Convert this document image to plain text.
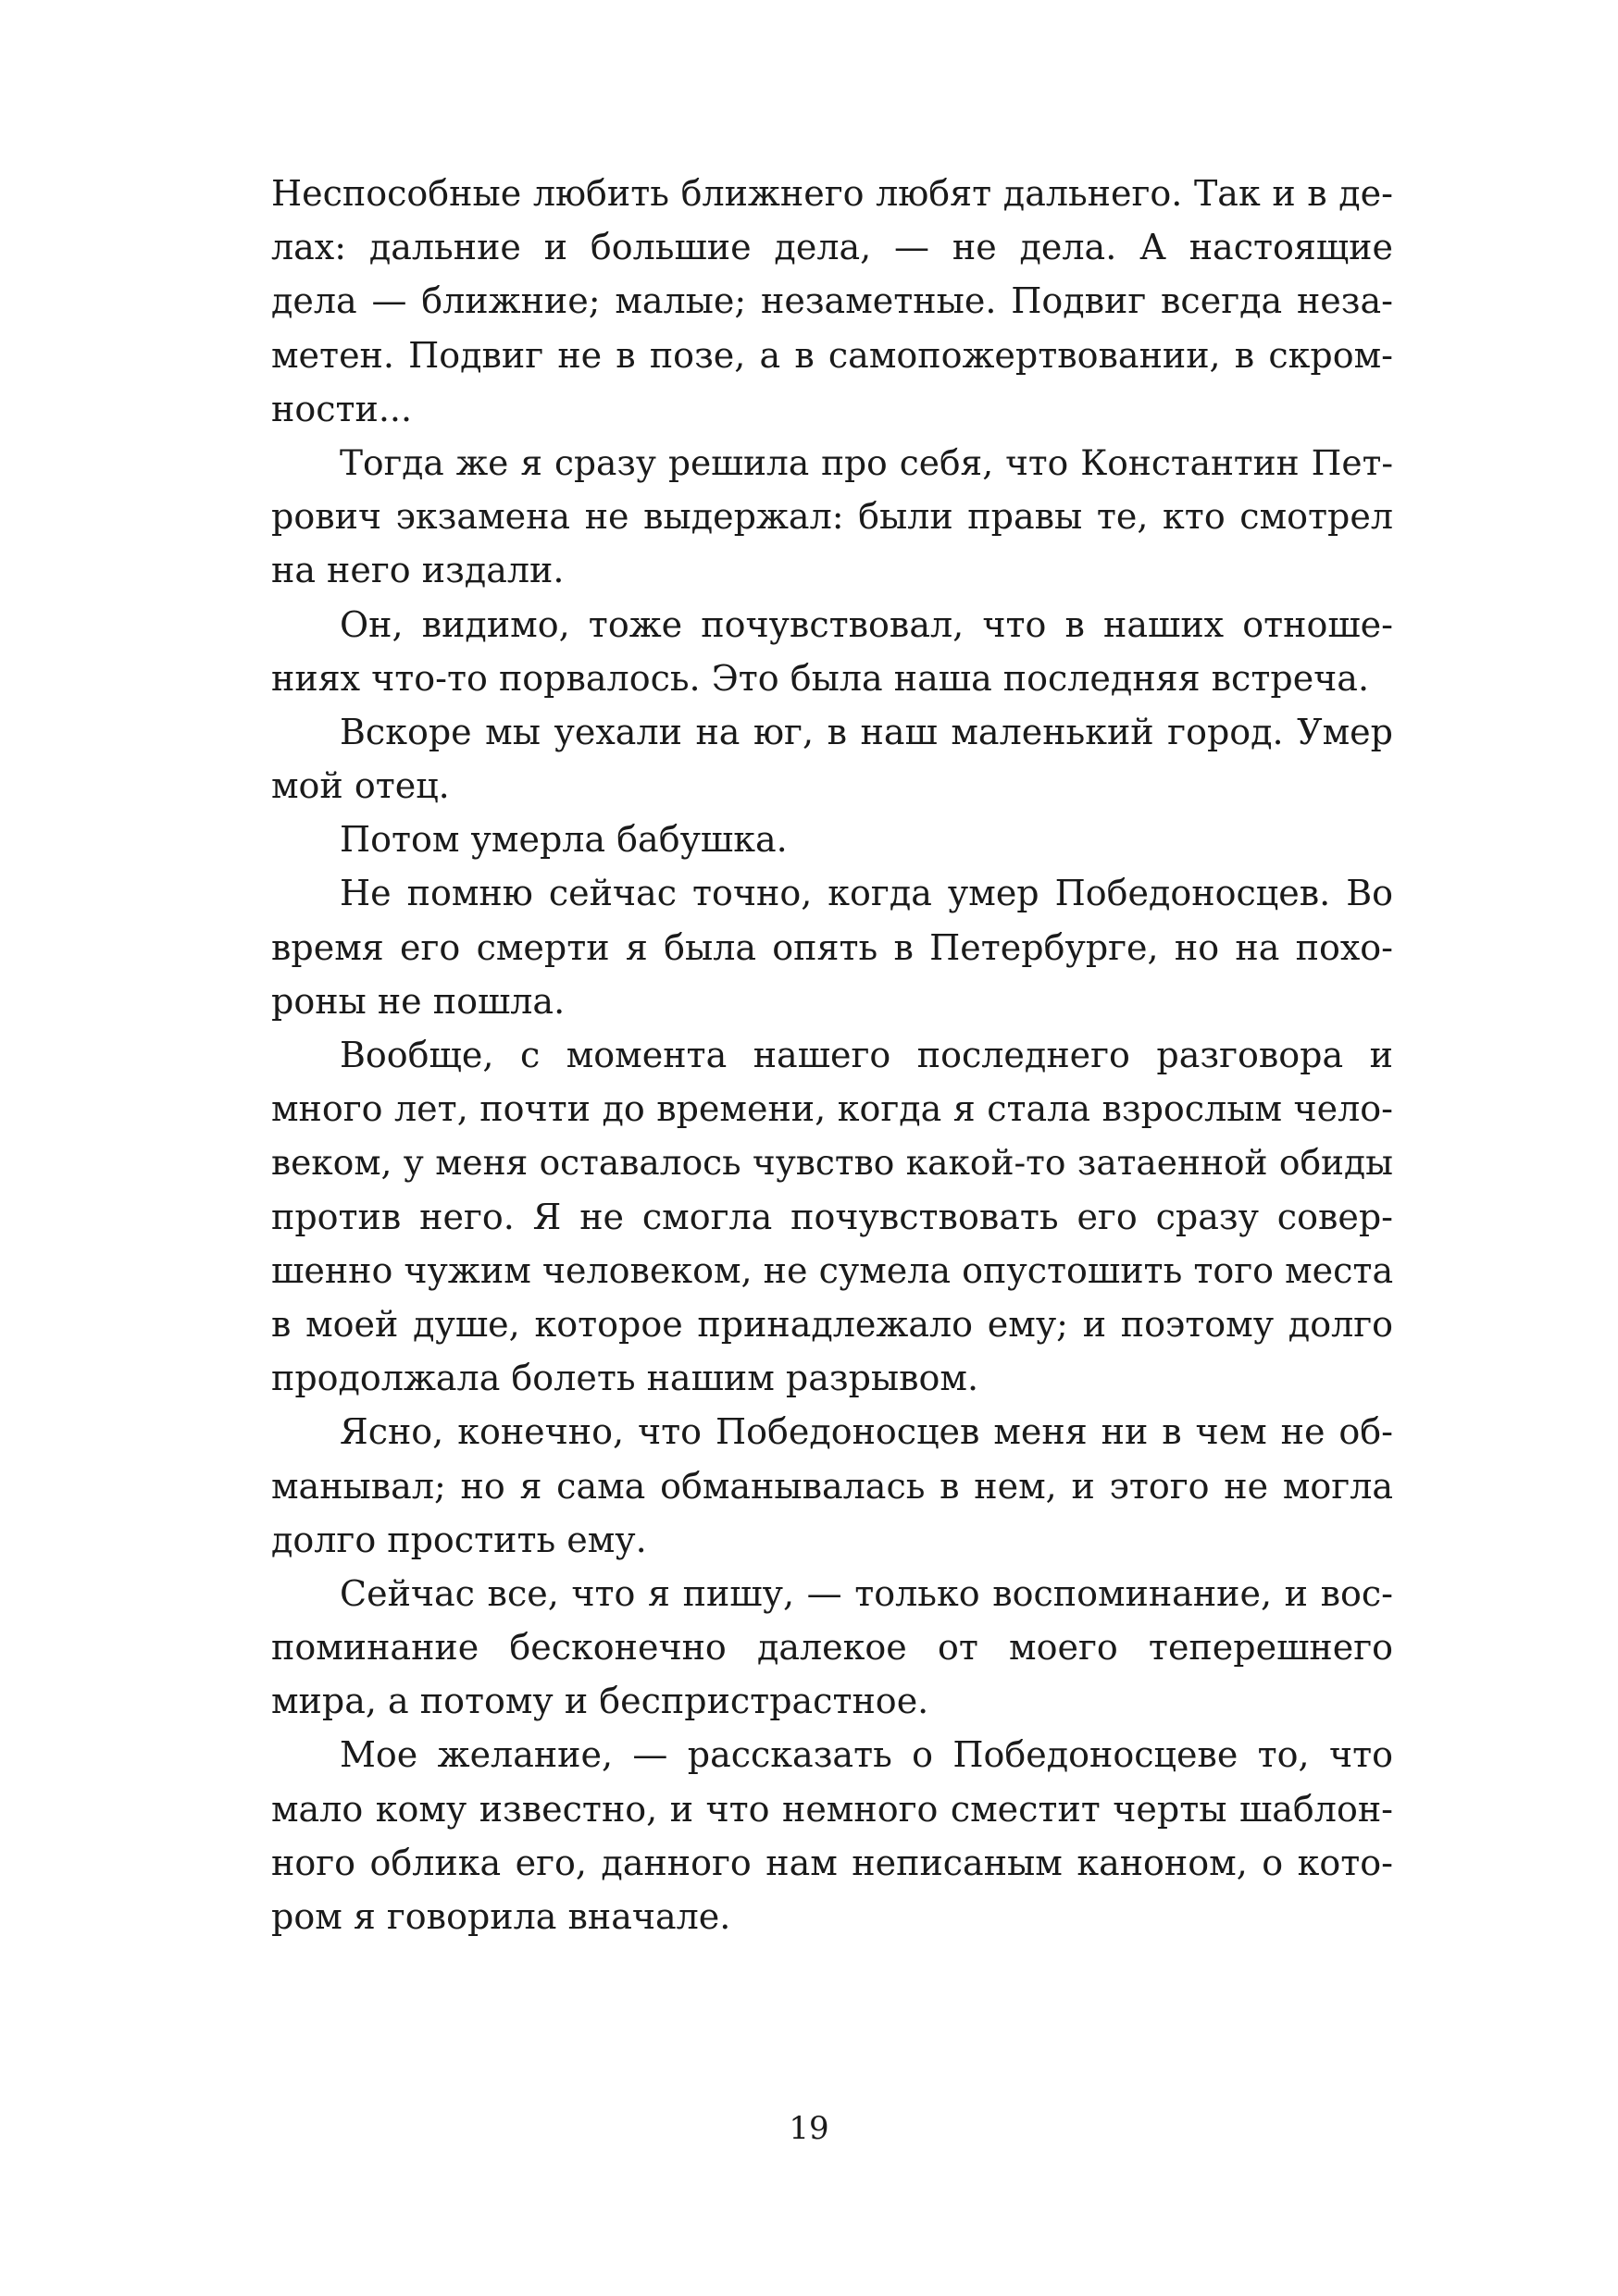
Неспособные любить ближнего любят дальнего. Так и в де-
лах: дальние и большие дела, — не дела. А настоящие
дела — ближние; малые; незаметные. Подвиг всегда неза-
метен. Подвиг не в позе, а в самопожертвовании, в скром-
ности...
Тогда же я сразу решила про себя, что Константин Пет-
рович экзамена не выдержал: были правы те, кто смотрел
на него издали.
Он, видимо, тоже почувствовал, что в наших отноше-
ниях что-то порвалось. Это была наша последняя встреча.
Вскоре мы уехали на юг, в наш маленький город. Умер
мой отец.
Потом умерла бабушка.
Не помню сейчас точно, когда умер Победоносцев. Во
время его смерти я была опять в Петербурге, но на похо-
роны не пошла.
Вообще, с момента нашего последнего разговора и
много лет, почти до времени, когда я стала взрослым чело-
веком, у меня оставалось чувство какой-то затаенной обиды
против него. Я не смогла почувствовать его сразу совер-
шенно чужим человеком, не сумела опустошить того места
в моей душе, которое принадлежало ему; и поэтому долго
продолжала болеть нашим разрывом.
Ясно, конечно, что Победоносцев меня ни в чем не об-
манывал; но я сама обманывалась в нем, и этого не могла
долго простить ему.
Сейчас все, что я пишу, — только воспоминание, и вос-
поминание бесконечно далекое от моего теперешнего
мира, а потому и беспристрастное.
Мое желание, — рассказать о Победоносцеве то, что
мало кому известно, и что немного сместит черты шаблон-
ного облика его, данного нам неписаным каноном, о кото-
ром я говорила вначале.
19
